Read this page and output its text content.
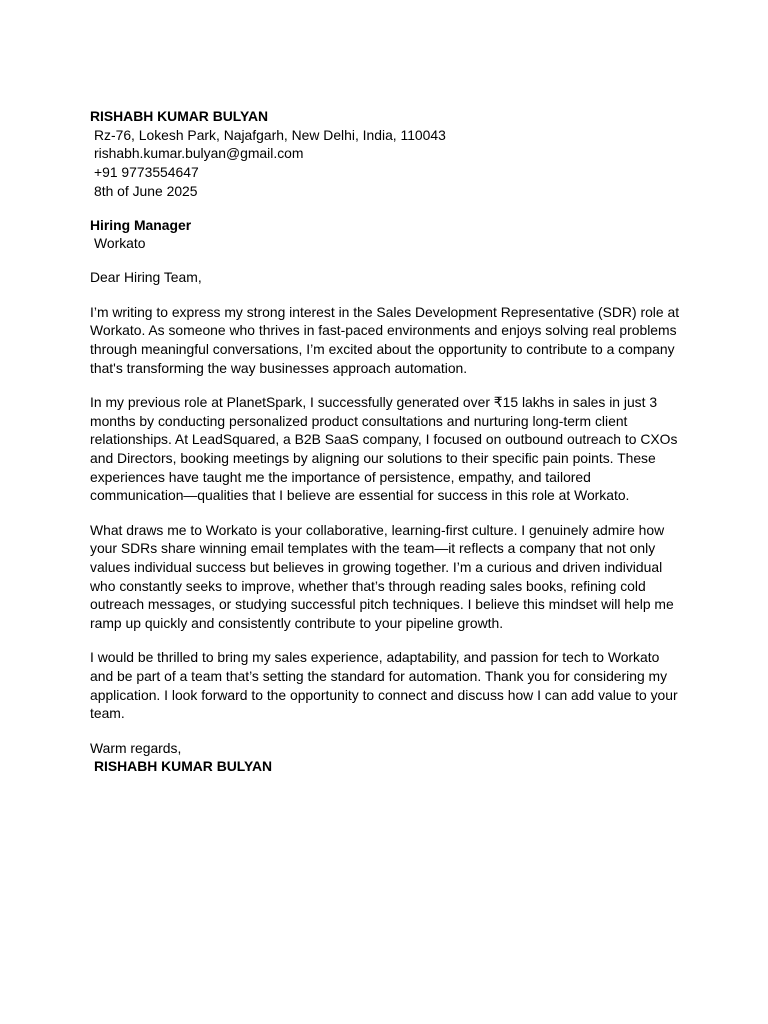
RISHABH KUMAR BULYAN
Rz-76, Lokesh Park, Najafgarh, New Delhi, India, 110043
rishabh.kumar.bulyan@gmail.com
+91 9773554647
8th of June 2025
Hiring Manager
Workato
Dear Hiring Team,
I’m writing to express my strong interest in the Sales Development Representative (SDR) role at
Workato. As someone who thrives in fast-paced environments and enjoys solving real problems
through meaningful conversations, I’m excited about the opportunity to contribute to a company
that's transforming the way businesses approach automation.
In my previous role at PlanetSpark, I successfully generated over ₹15 lakhs in sales in just 3
months by conducting personalized product consultations and nurturing long-term client
relationships. At LeadSquared, a B2B SaaS company, I focused on outbound outreach to CXOs
and Directors, booking meetings by aligning our solutions to their specific pain points. These
experiences have taught me the importance of persistence, empathy, and tailored
communication—qualities that I believe are essential for success in this role at Workato.
What draws me to Workato is your collaborative, learning-first culture. I genuinely admire how
your SDRs share winning email templates with the team—it reflects a company that not only
values individual success but believes in growing together. I’m a curious and driven individual
who constantly seeks to improve, whether that’s through reading sales books, refining cold
outreach messages, or studying successful pitch techniques. I believe this mindset will help me
ramp up quickly and consistently contribute to your pipeline growth.
I would be thrilled to bring my sales experience, adaptability, and passion for tech to Workato
and be part of a team that’s setting the standard for automation. Thank you for considering my
application. I look forward to the opportunity to connect and discuss how I can add value to your
team.
Warm regards,
RISHABH KUMAR BULYAN
